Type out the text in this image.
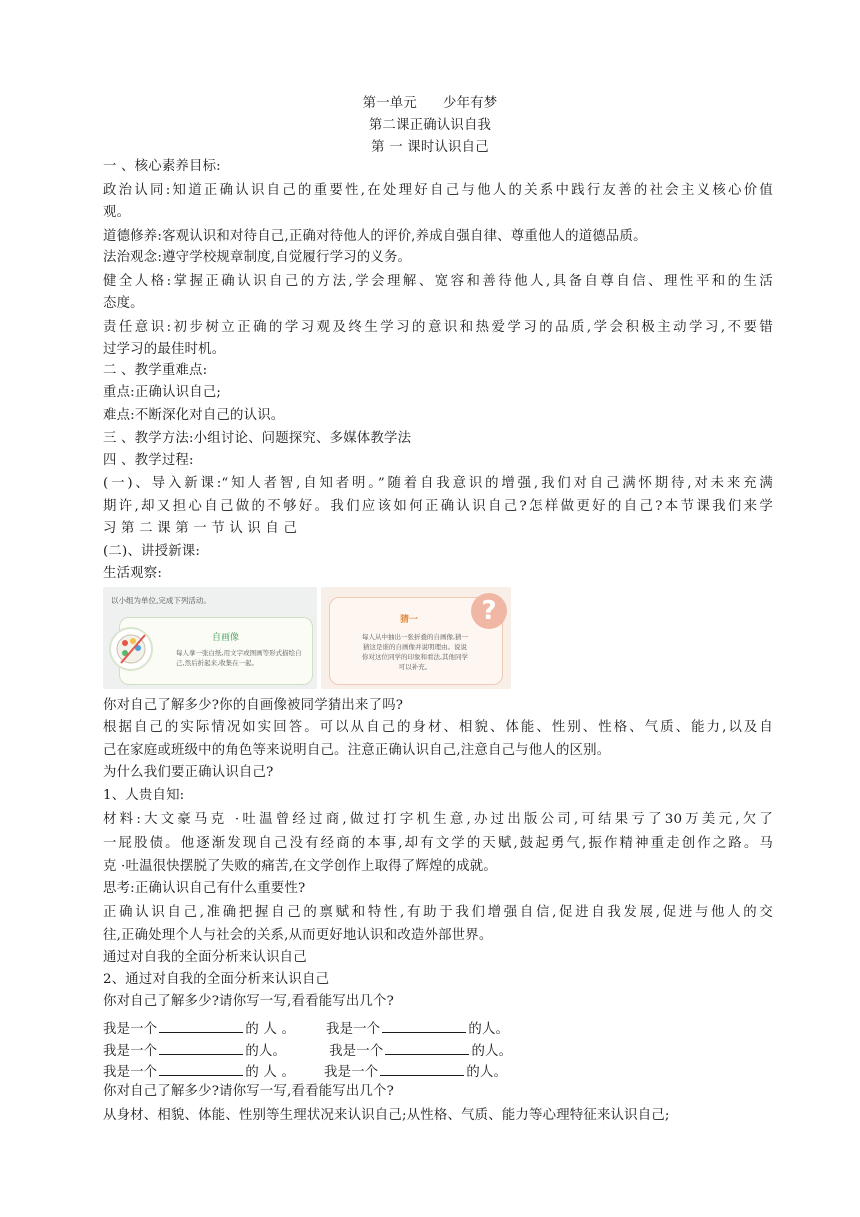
第一单元 少年有梦
第二课正确认识自我
第 一 课时认识自己
一 、核心素养目标:
政治认同:知道正确认识自己的重要性,在处理好自己与他人的关系中践行友善的社会主义核心价值
观。
道德修养:客观认识和对待自己,正确对待他人的评价,养成自强自律、尊重他人的道德品质。
法治观念:遵守学校规章制度,自觉履行学习的义务。
健全人格:掌握正确认识自己的方法,学会理解、宽容和善待他人,具备自尊自信、理性平和的生活
态度。
责任意识:初步树立正确的学习观及终生学习的意识和热爱学习的品质,学会积极主动学习,不要错
过学习的最佳时机。
二 、教学重难点:
重点:正确认识自己;
难点:不断深化对自己的认识。
三 、教学方法:小组讨论、问题探究、多媒体教学法
四 、教学过程:
(一)、导入新课:“知人者智,自知者明。”随着自我意识的增强,我们对自己满怀期待,对未来充满
期许,却又担心自己做的不够好。我们应该如何正确认识自己?怎样做更好的自己?本节课我们来学
习 第 二 课 第 一 节 认 识 自 己
(二)、讲授新课:
生活观察:
以小组为单位,完成下列活动。
自画像
每人拿一张白纸,用文字或图画等形式描绘自己,然后折起来,收集在一起。
猜一
每人从中抽出一张折叠的自画像,猜一猜这是谁的自画像并说明理由。说说你对这位同学的印象和看法,其他同学可以补充。
?
你对自己了解多少?你的自画像被同学猜出来了吗?
根据自己的实际情况如实回答。可以从自己的身材、相貌、体能、性别、性格、气质、能力,以及自
己在家庭或班级中的角色等来说明自己。注意正确认识自己,注意自己与他人的区别。
为什么我们要正确认识自己?
1、人贵自知:
材料:大文豪马克 ·吐温曾经过商,做过打字机生意,办过出版公司,可结果亏了30万美元,欠了
一屁股债。他逐渐发现自己没有经商的本事,却有文学的天赋,鼓起勇气,振作精神重走创作之路。马
克 ·吐温很快摆脱了失败的痛苦,在文学创作上取得了辉煌的成就。
思考:正确认识自己有什么重要性?
正确认识自己,准确把握自己的禀赋和特性,有助于我们增强自信,促进自我发展,促进与他人的交
往,正确处理个人与社会的关系,从而更好地认识和改造外部世界。
通过对自我的全面分析来认识自己
2、通过对自我的全面分析来认识自己
你对自己了解多少?请你写一写,看看能写出几个?
我是一个	的 人 。 我是一个	的人。
我是一个	的人。	我是一个	的人。
我是一个	的 人 。 我是一个	的人。
你对自己了解多少?请你写一写,看看能写出几个?
从身材、相貌、体能、性别等生理状况来认识自己;从性格、气质、能力等心理特征来认识自己;
